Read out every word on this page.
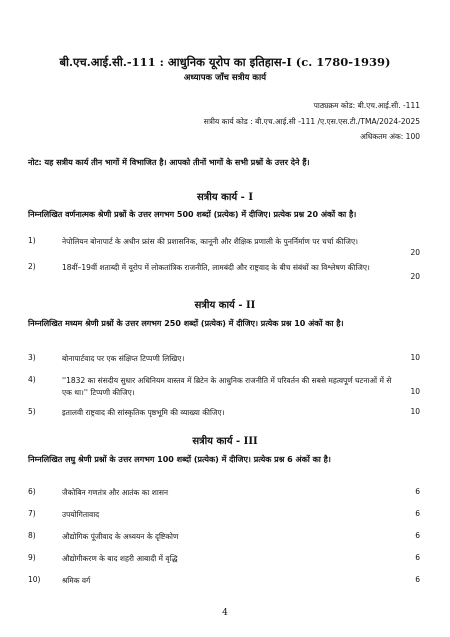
बी.एच.आई.सी.-111 : आधुनिक यूरोप का इतिहास-I (c. 1780-1939)
अध्यापक जाँच सत्रीय कार्य
पाठ्यक्रम कोड: बी.एच.आई.सी. -111
सत्रीय कार्य कोड : बी.एच.आई.सी -111 /ए.एस.एस.टी./TMA/2024-2025
अधिकतम अंक: 100
नोट: यह सत्रीय कार्य तीन भागों में विभाजित है। आपको तीनों भागों के सभी प्रश्नों के उत्तर देने हैं।
सत्रीय कार्य - I
निम्नलिखित वर्णनात्मक श्रेणी प्रश्नों के उत्तर लगभग 500 शब्दों (प्रत्येक) में दीजिए। प्रत्येक प्रश्न 20 अंकों का है।
1)	नेपोलियन बोनापार्ट के अधीन फ्रांस की प्रशासनिक, कानूनी और शैक्षिक प्रणाली के पुनर्निर्माण पर चर्चा कीजिए।
20
2)	18वीं–19वीं शताब्दी में यूरोप में लोकतांत्रिक राजनीति, लामबंदी और राष्ट्रवाद के बीच संबंधों का विश्लेषण कीजिए।
20
सत्रीय कार्य - II
निम्नलिखित मध्यम श्रेणी प्रश्नों के उत्तर लगभग 250 शब्दों (प्रत्येक) में दीजिए। प्रत्येक प्रश्न 10 अंकों का है।
3)	बोनापार्टवाद पर एक संक्षिप्त टिप्पणी लिखिए।	10
4)	''1832 का संसदीय सुधार अधिनियम वास्तव में ब्रिटेन के आधुनिक राजनीति में परिवर्तन की सबसे महत्वपूर्ण घटनाओं में से एक था।'' टिप्पणी कीजिए।	10
5)	इतालवी राष्ट्रवाद की सांस्कृतिक पृष्ठभूमि की व्याख्या कीजिए।	10
सत्रीय कार्य - III
निम्नलिखित लघु श्रेणी प्रश्नों के उत्तर लगभग 100 शब्दों (प्रत्येक) में दीजिए। प्रत्येक प्रश्न 6 अंकों का है।
6)	जैकोबिन गणतंत्र और आतंक का शासन	6
7)	उपयोगितावाद	6
8)	औद्योगिक पूंजीवाद के अध्ययन के दृष्टिकोण	6
9)	औद्योगीकरण के बाद शहरी आबादी में वृद्धि	6
10)	श्रमिक वर्ग	6
4
